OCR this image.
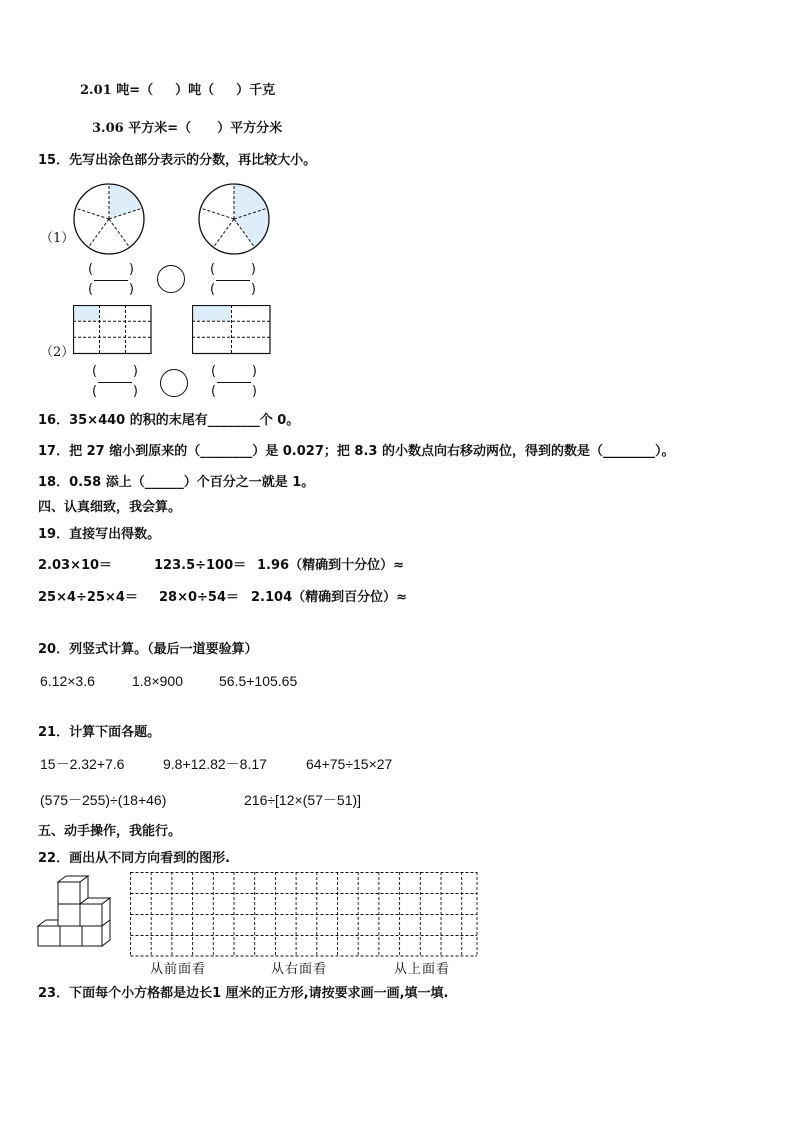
2.01 吨=（ ）吨（ ）千克
3.06 平方米=（ ）平方分米
15．先写出涂色部分表示的分数，再比较大小。
（1）
(	)
(	)
(	)
(	)
（2）
(	)
(	)
(	)
(	)
16．35×440 的积的末尾有________个 0。
17．把 27 缩小到原来的（________）是 0.027；把 8.3 的小数点向右移动两位，得到的数是（________）。
18．0.58 添上（______）个百分之一就是 1。
四、认真细致，我会算。
19．直接写出得数。
2.03×10＝	123.5÷100＝ 1.96（精确到十分位）≈
25×4÷25×4＝ 28×0÷54＝ 2.104（精确到百分位）≈
20．列竖式计算。（最后一道要验算）
6.12×3.6	1.8×900	56.5+105.65
21．计算下面各题。
15－2.32+7.6	9.8+12.82－8.17	64+75÷15×27
(575－255)÷(18+46)	216÷[12×(57－51)]
五、动手操作，我能行。
22．画出从不同方向看到的图形.
从前面看	从右面看	从上面看
23．下面每个小方格都是边长1 厘米的正方形,请按要求画一画,填一填.
